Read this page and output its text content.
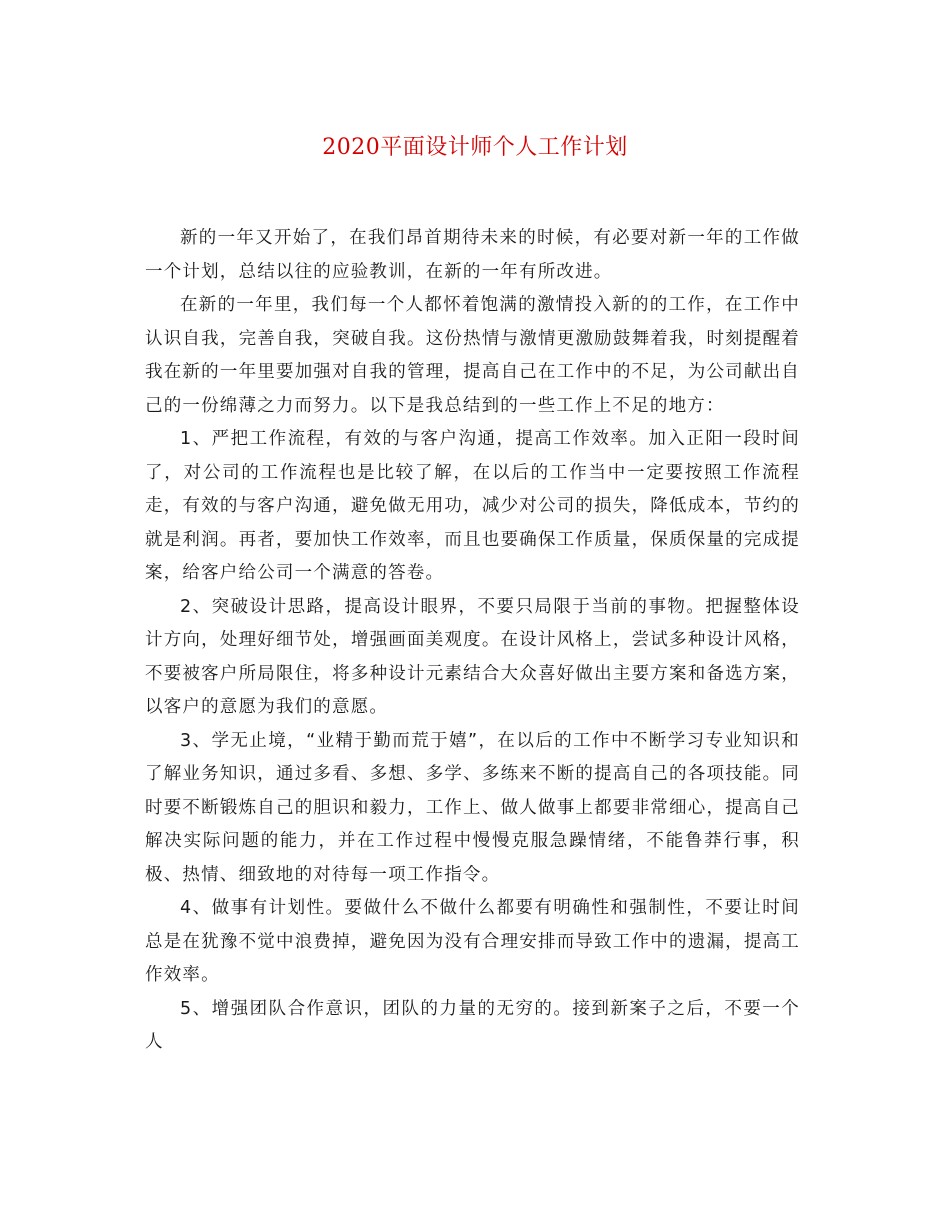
2020平面设计师个人工作计划

新的一年又开始了，在我们昂首期待未来的时候，有必要对新一年的工作做一个计划，总结以往的应验教训，在新的一年有所改进。

在新的一年里，我们每一个人都怀着饱满的激情投入新的的工作，在工作中认识自我，完善自我，突破自我。这份热情与激情更激励鼓舞着我，时刻提醒着我在新的一年里要加强对自我的管理，提高自己在工作中的不足，为公司献出自己的一份绵薄之力而努力。以下是我总结到的一些工作上不足的地方：

1、严把工作流程，有效的与客户沟通，提高工作效率。加入正阳一段时间了，对公司的工作流程也是比较了解，在以后的工作当中一定要按照工作流程走，有效的与客户沟通，避免做无用功，减少对公司的损失，降低成本，节约的就是利润。再者，要加快工作效率，而且也要确保工作质量，保质保量的完成提案，给客户给公司一个满意的答卷。

2、突破设计思路，提高设计眼界，不要只局限于当前的事物。把握整体设计方向，处理好细节处，增强画面美观度。在设计风格上，尝试多种设计风格，不要被客户所局限住，将多种设计元素结合大众喜好做出主要方案和备选方案，以客户的意愿为我们的意愿。

3、学无止境，“业精于勤而荒于嬉”，在以后的工作中不断学习专业知识和了解业务知识，通过多看、多想、多学、多练来不断的提高自己的各项技能。同时要不断锻炼自己的胆识和毅力，工作上、做人做事上都要非常细心，提高自己解决实际问题的能力，并在工作过程中慢慢克服急躁情绪，不能鲁莽行事，积极、热情、细致地的对待每一项工作指令。

4、做事有计划性。要做什么不做什么都要有明确性和强制性，不要让时间总是在犹豫不觉中浪费掉，避免因为没有合理安排而导致工作中的遗漏，提高工作效率。

5、增强团队合作意识，团队的力量的无穷的。接到新案子之后，不要一个人
